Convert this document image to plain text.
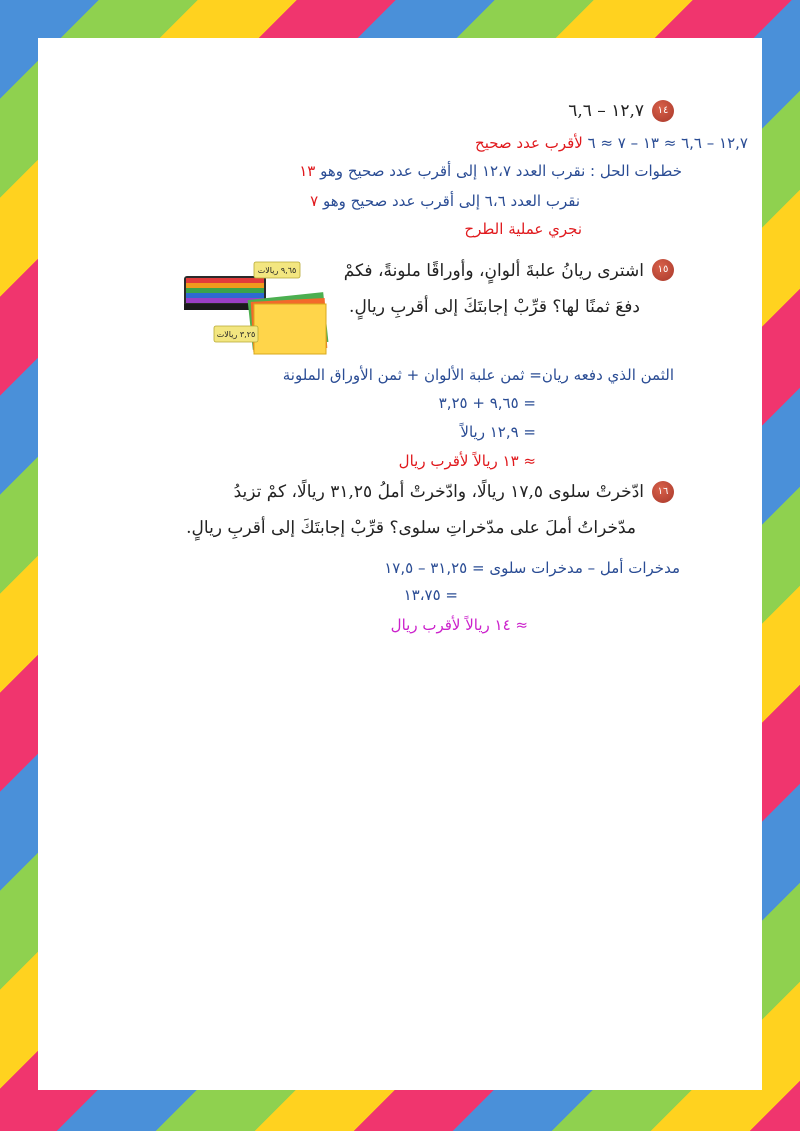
١٤
١٢,٧ – ٦,٦
١٢,٧ – ٦,٦ ≈ ١٣ – ٧ ≈ ٦ لأقرب عدد صحيح
خطوات الحل : نقرب العدد ١٢،٧ إلى أقرب عدد صحيح وهو ١٣
نقرب العدد ٦،٦ إلى أقرب عدد صحيح وهو ٧
نجري عملية الطرح
١٥
اشترى ريانُ علبةَ ألوانٍ، وأوراقًا ملونةً، فكمْ
دفعَ ثمنًا لها؟ قرِّبْ إجابتَكَ إلى أقربِ ريالٍ.
٩,٦٥ ريالات
٣,٢٥ ريالات
الثمن الذي دفعه ريان= ثمن علبة الألوان + ثمن الأوراق الملونة
= ٩,٦٥ + ٣,٢٥
= ١٢,٩ ريالاً
≈ ١٣ ريالاً لأقرب ريال
١٦
ادّخرتْ سلوى ١٧,٥ ريالًا، وادّخرتْ أملُ ٣١,٢٥ ريالًا، كمْ تزيدُ
مدّخراتُ أملَ على مدّخراتِ سلوى؟ قرِّبْ إجابتَكَ إلى أقربِ ريالٍ.
مدخرات أمل – مدخرات سلوى = ٣١,٢٥ – ١٧,٥
= ١٣،٧٥
≈ ١٤ ريالاً لأقرب ريال
